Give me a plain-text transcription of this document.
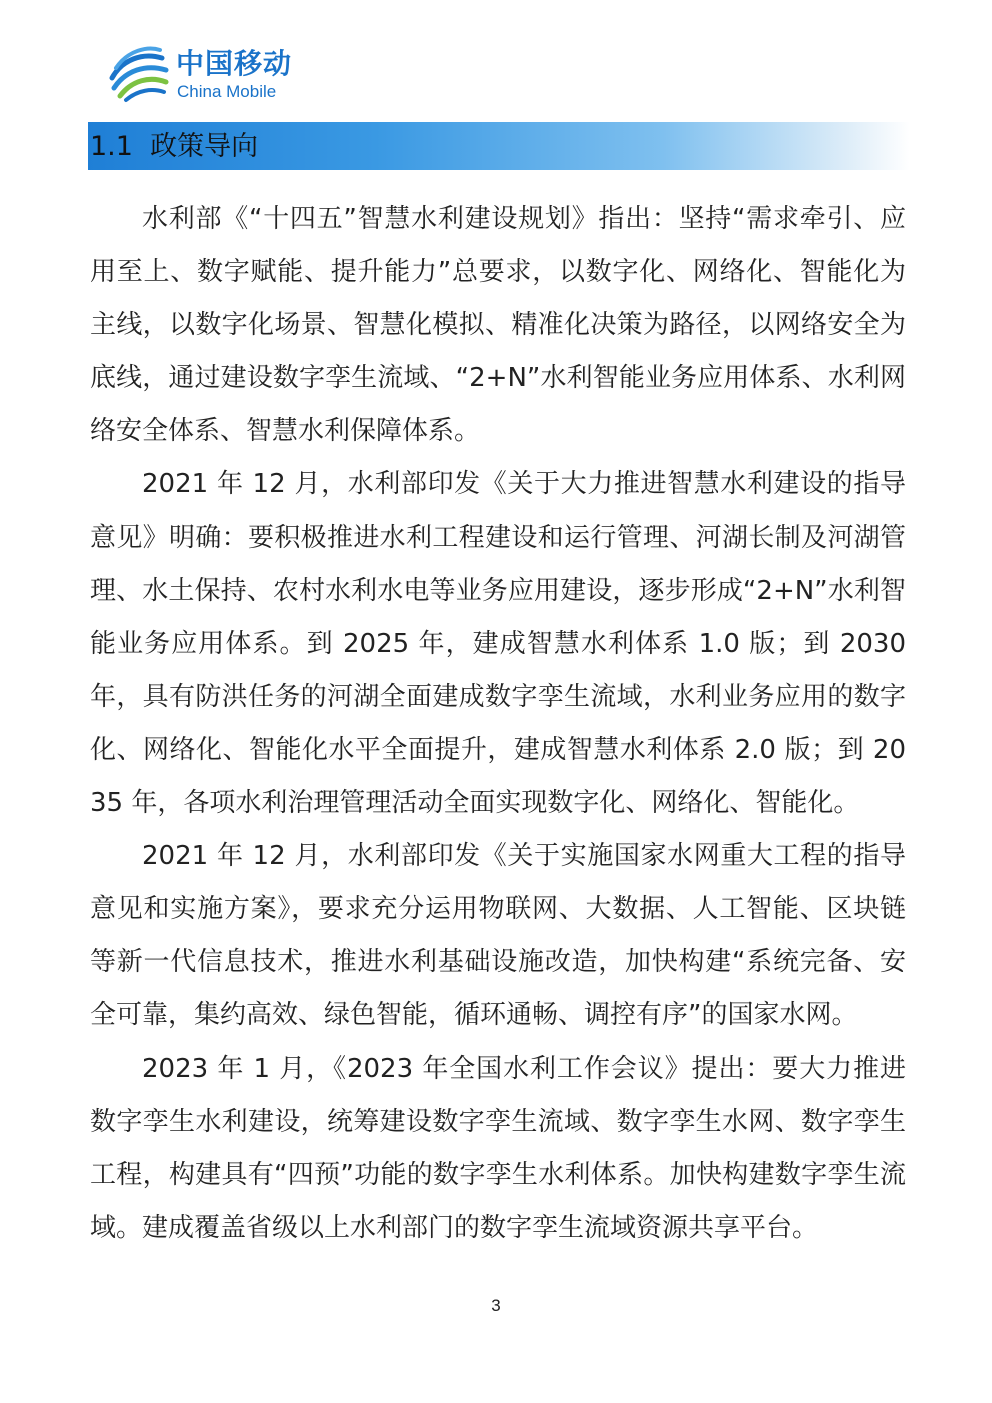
中国移动
China Mobile
1.1 政策导向

水利部《“十四五”智慧水利建设规划》指出：坚持“需求牵引、应用至上、数字赋能、提升能力”总要求，以数字化、网络化、智能化为主线，以数字化场景、智慧化模拟、精准化决策为路径，以网络安全为底线，通过建设数字孪生流域、“2+N”水利智能业务应用体系、水利网络安全体系、智慧水利保障体系。

2021 年 12 月，水利部印发《关于大力推进智慧水利建设的指导意见》明确：要积极推进水利工程建设和运行管理、河湖长制及河湖管理、水土保持、农村水利水电等业务应用建设，逐步形成“2+N”水利智能业务应用体系。到 2025 年，建成智慧水利体系 1.0 版；到 2030 年，具有防洪任务的河湖全面建成数字孪生流域，水利业务应用的数字化、网络化、智能化水平全面提升，建成智慧水利体系 2.0 版；到 2035 年，各项水利治理管理活动全面实现数字化、网络化、智能化。

2021 年 12 月，水利部印发《关于实施国家水网重大工程的指导意见和实施方案》，要求充分运用物联网、大数据、人工智能、区块链等新一代信息技术，推进水利基础设施改造，加快构建“系统完备、安全可靠，集约高效、绿色智能，循环通畅、调控有序”的国家水网。

2023 年 1 月，《2023 年全国水利工作会议》提出：要大力推进数字孪生水利建设，统筹建设数字孪生流域、数字孪生水网、数字孪生工程，构建具有“四预”功能的数字孪生水利体系。加快构建数字孪生流域。建成覆盖省级以上水利部门的数字孪生流域资源共享平台。

3
